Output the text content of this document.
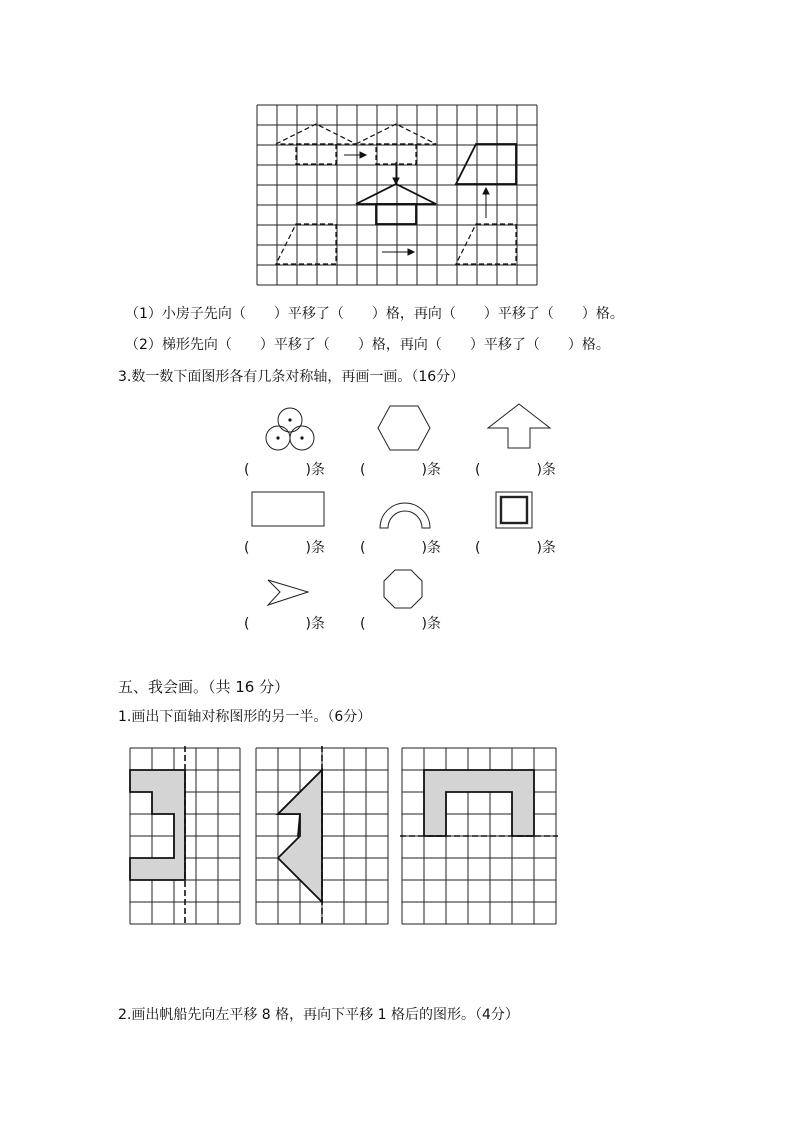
（1）小房子先向（　　）平移了（　　）格，再向（　　）平移了（　　）格。
（2）梯形先向（　　）平移了（　　）格，再向（　　）平移了（　　）格。
3.数一数下面图形各有几条对称轴，再画一画。（16分）
(　　　　)条	(　　　　)条 (　　　　)条
(　　　　)条	(　　　　)条 (　　　　)条
(　　　　)条	(　　　　)条
五、我会画。（共 16 分）
1.画出下面轴对称图形的另一半。（6分）
2.画出帆船先向左平移 8 格，再向下平移 1 格后的图形。（4分）
